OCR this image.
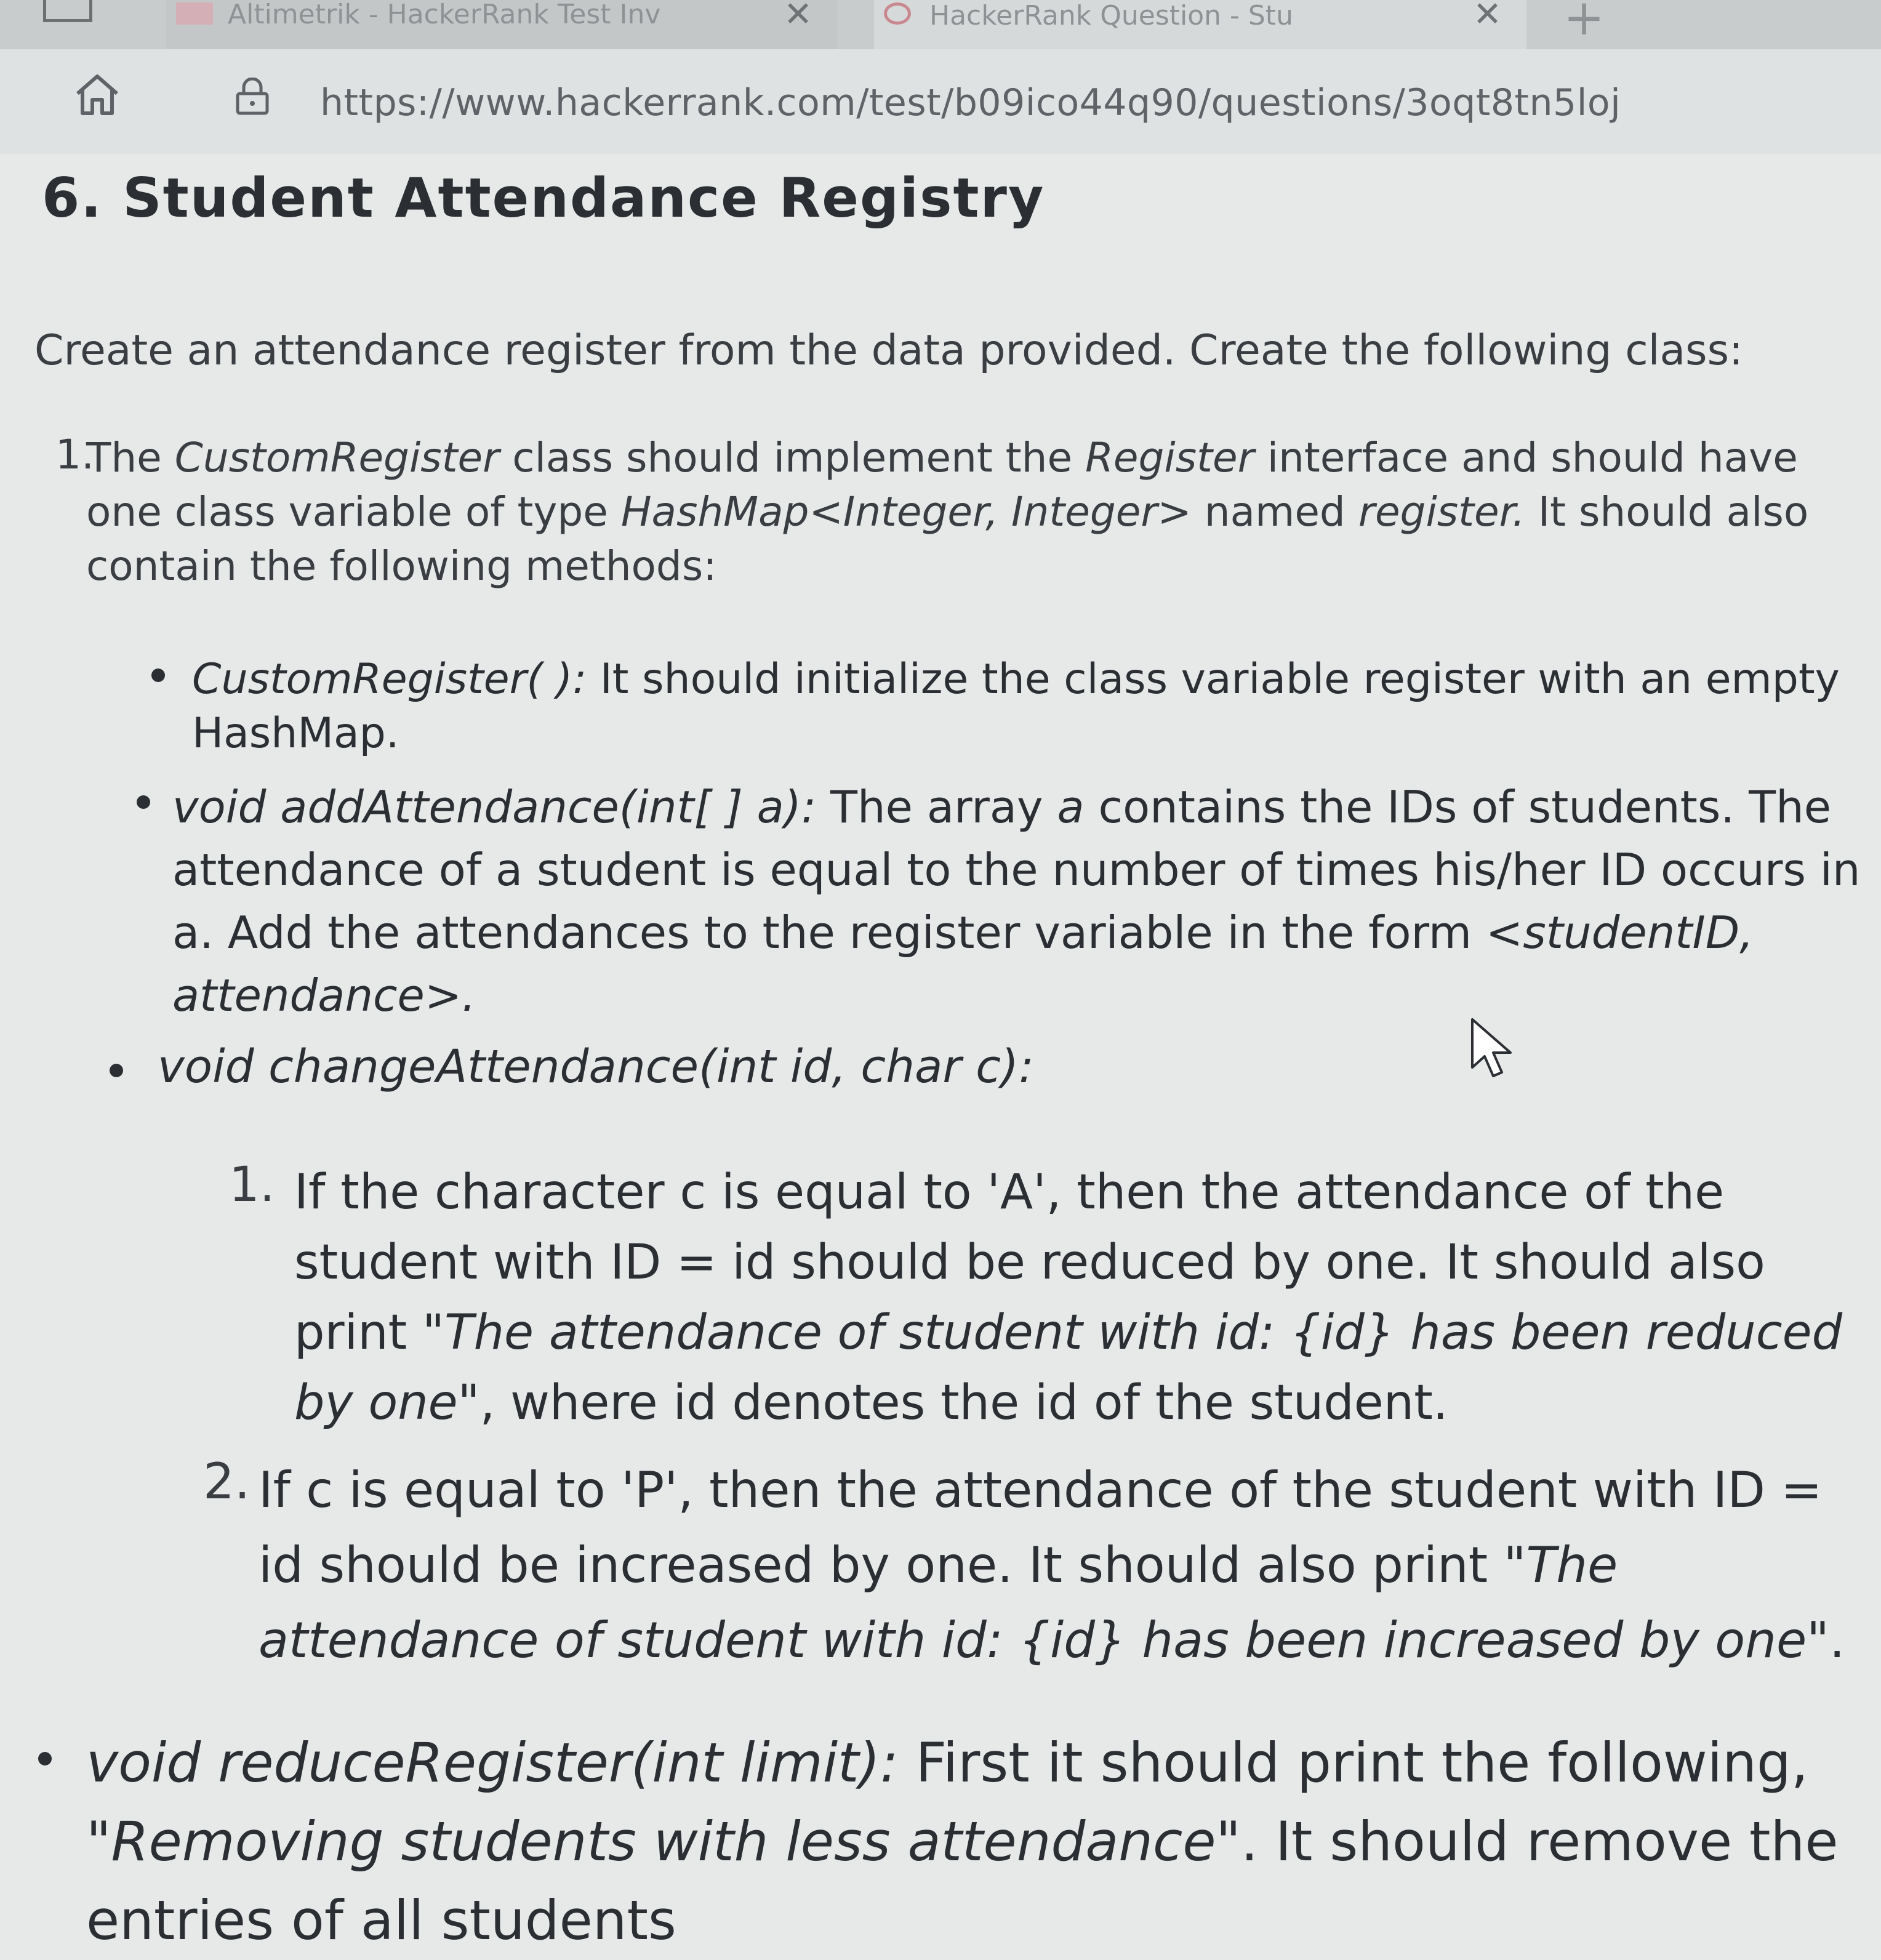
Altimetrik - HackerRank Test Inv	✕	HackerRank Question - Stu	✕ +
https://www.hackerrank.com/test/b09ico44q90/questions/3oqt8tn5loj
6. Student Attendance Registry

Create an attendance register from the data provided. Create the following class:

1.

The CustomRegister class should implement the Register interface and should have one class variable of type HashMap<Integer, Integer> named register. It should also contain the following methods:

CustomRegister( ): It should initialize the class variable register with an empty HashMap.

void addAttendance(int[ ] a): The array a contains the IDs of students. The attendance of a student is equal to the number of times his/her ID occurs in a. Add the attendances to the register variable in the form <studentID, attendance>.

void changeAttendance(int id, char c):

1. If the character c is equal to 'A', then the attendance of the student with ID = id should be reduced by one. It should also print "The attendance of student with id: {id} has been reduced by one", where id denotes the id of the student.

2. If c is equal to 'P', then the attendance of the student with ID = id should be increased by one. It should also print "The attendance of student with id: {id} has been increased by one".

void reduceRegister(int limit): First it should print the following, "Removing students with less attendance". It should remove the entries of all students
